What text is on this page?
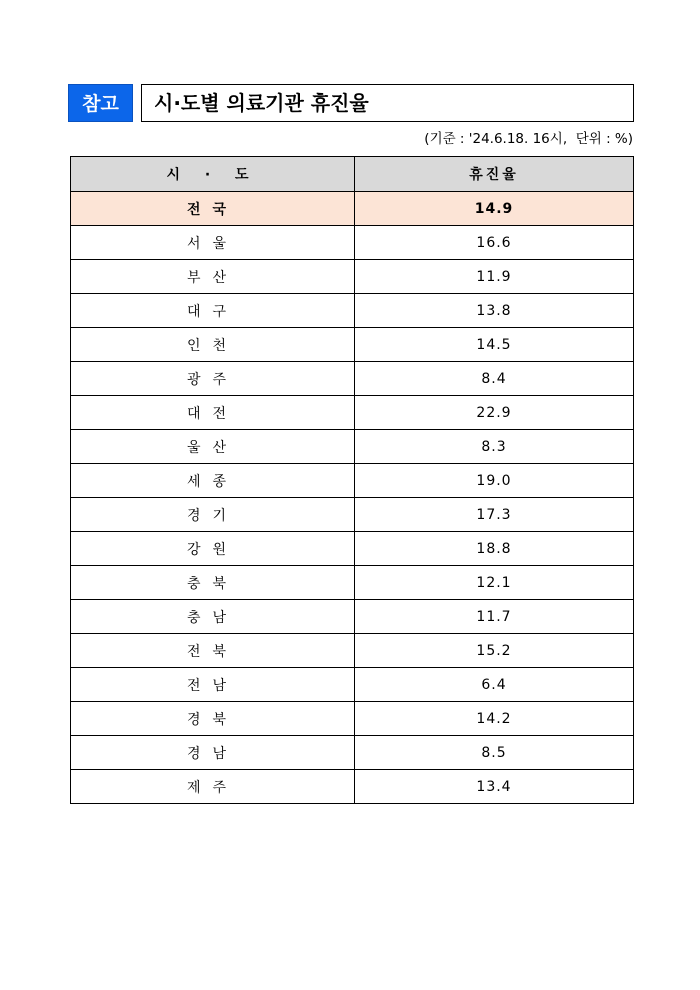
참고	시·도별 의료기관 휴진율
(기준 : '24.6.18. 16시,  단위 : %)
시 · 도	휴진율
전국	14.9
서울	16.6
부산	11.9
대구	13.8
인천	14.5
광주	8.4
대전	22.9
울산	8.3
세종	19.0
경기	17.3
강원	18.8
충북	12.1
충남	11.7
전북	15.2
전남	6.4
경북	14.2
경남	8.5
제주	13.4
